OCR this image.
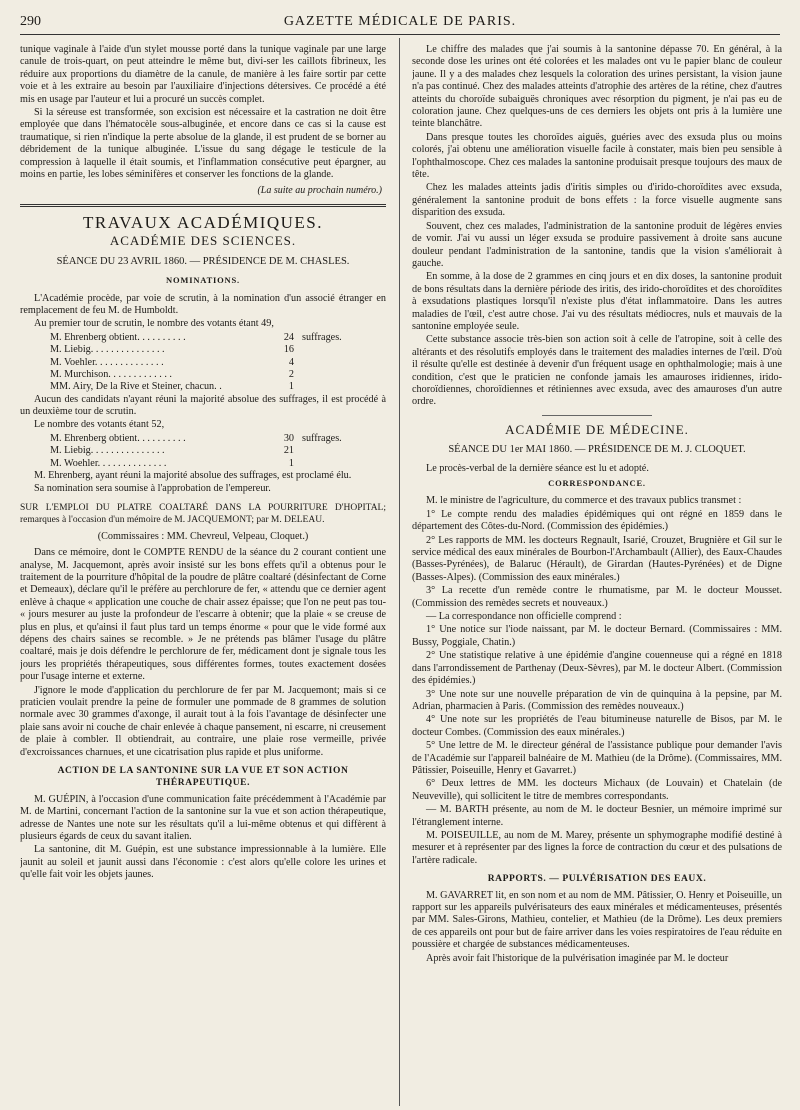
290	GAZETTE MÉDICALE DE PARIS.

tunique vaginale à l'aide d'un stylet mousse porté dans la tunique vaginale par une large canule de trois-quart, on peut atteindre le même but, divi-ser les caillots fibrineux, les réduire aux proportions du diamètre de la canule, de manière à les faire sortir par cette voie et à les extraire au besoin par l'auxiliaire d'injections détersives. Ce procédé a été mis en usage par l'auteur et lui a procuré un succès complet.

Si la séreuse est transformée, son excision est nécessaire et la castration ne doit être employée que dans l'hématocèle sous-albuginée, et encore dans ce cas si la cause est traumatique, si rien n'indique la perte absolue de la glande, il est prudent de se borner au débridement de la tunique albuginée. L'issue du sang dégage le testicule de la compression à laquelle il était soumis, et l'inflammation consécutive peut épargner, au moins en partie, les lobes séminifères et conserver les fonctions de la glande.

(La suite au prochain numéro.)
TRAVAUX ACADÉMIQUES.
ACADÉMIE DES SCIENCES.
SÉANCE DU 23 AVRIL 1860. — PRÉSIDENCE DE M. CHASLES.
NOMINATIONS.

L'Académie procède, par voie de scrutin, à la nomination d'un associé étranger en remplacement de feu M. de Humboldt.

Au premier tour de scrutin, le nombre des votants étant 49,

M. Ehrenberg obtient. . . . . . . . . .	24 suffrages.
M. Liebig. . . . . . . . . . . . . . .	16
M. Voehler. . . . . . . . . . . . . .	4
M. Murchison. . . . . . . . . . . . .	2
MM. Airy, De la Rive et Steiner, chacun. .	1

Aucun des candidats n'ayant réuni la majorité absolue des suffrages, il est procédé à un deuxième tour de scrutin.

Le nombre des votants étant 52,

M. Ehrenberg obtient. . . . . . . . . .	30 suffrages.
M. Liebig. . . . . . . . . . . . . . .	21
M. Woehler. . . . . . . . . . . . . .	1

M. Ehrenberg, ayant réuni la majorité absolue des suffrages, est proclamé élu.

Sa nomination sera soumise à l'approbation de l'empereur.

SUR L'EMPLOI DU PLATRE COALTARÉ DANS LA POURRITURE D'HOPITAL; remarques à l'occasion d'un mémoire de M. JACQUEMONT; par M. DELEAU.

(Commissaires : MM. Chevreul, Velpeau, Cloquet.)

Dans ce mémoire, dont le COMPTE RENDU de la séance du 2 courant contient une analyse, M. Jacquemont, après avoir insisté sur les bons effets qu'il a obtenus pour le traitement de la pourriture d'hôpital de la poudre de plâtre coaltaré (désinfectant de Corne et Demeaux), déclare qu'il le préfère au perchlorure de fer, « attendu que ce dernier agent enlève à chaque « application une couche de chair assez épaisse; que l'on ne peut pas tou- « jours mesurer au juste la profondeur de l'escarre à obtenir; que la plaie « se creuse de plus en plus, et qu'ainsi il faut plus tard un temps énorme « pour que le vide formé aux dépens des chairs saines se recomble. » Je ne prétends pas blâmer l'usage du plâtre coaltaré, mais je dois défendre le perchlorure de fer, médicament dont je signale tous les jours les propriétés thérapeutiques, sous différentes formes, toutes exactement dosées pour l'usage interne et externe.

J'ignore le mode d'application du perchlorure de fer par M. Jacquemont; mais si ce praticien voulait prendre la peine de formuler une pommade de 8 grammes de solution normale avec 30 grammes d'axonge, il aurait tout à la fois l'avantage de désinfecter une plaie sans avoir ni couche de chair enlevée à chaque pansement, ni escarre, ni creusement de plaie à combler. Il obtiendrait, au contraire, une plaie rose vermeille, privée d'excroissances charnues, et une cicatrisation plus rapide et plus uniforme.

ACTION DE LA SANTONINE SUR LA VUE ET SON ACTION THÉRAPEUTIQUE.

M. GUÉPIN, à l'occasion d'une communication faite précédemment à l'Académie par M. de Martini, concernant l'action de la santonine sur la vue et son action thérapeutique, adresse de Nantes une note sur les résultats qu'il a lui-même obtenus et qui diffèrent à plusieurs égards de ceux du savant italien.

La santonine, dit M. Guépin, est une substance impressionnable à la lumière. Elle jaunit au soleil et jaunit aussi dans l'économie : c'est alors qu'elle colore les urines et qu'elle fait voir les objets jaunes.

Le chiffre des malades que j'ai soumis à la santonine dépasse 70. En général, à la seconde dose les urines ont été colorées et les malades ont vu le papier blanc de couleur jaune. Il y a des malades chez lesquels la coloration des urines persistant, la vision jaune n'a pas continué. Chez des malades atteints d'atrophie des artères de la rétine, chez d'autres atteints du choroïde subaiguës chroniques avec résorption du pigment, je n'ai pas eu de coloration jaune. Chez quelques-uns de ces derniers les objets ont pris à la lumière une teinte blanchâtre.

Dans presque toutes les choroïdes aiguës, guéries avec des exsuda plus ou moins colorés, j'ai obtenu une amélioration visuelle facile à constater, mais bien peu sensible à l'ophthalmoscope. Chez ces malades la santonine produisait presque toujours des maux de tête.

Chez les malades atteints jadis d'iritis simples ou d'irido-choroïdites avec exsuda, généralement la santonine produit de bons effets : la force visuelle augmente sans disparition des exsuda.

Souvent, chez ces malades, l'administration de la santonine produit de légères envies de vomir. J'ai vu aussi un léger exsuda se produire passivement à droite sans aucune douleur pendant l'administration de la santonine, tandis que la vision s'améliorait à gauche.

En somme, à la dose de 2 grammes en cinq jours et en dix doses, la santonine produit de bons résultats dans la dernière période des iritis, des irido-choroïdites et des choroïdites à exsudations plastiques lorsqu'il n'existe plus d'état inflammatoire. Dans les autres maladies de l'œil, c'est autre chose. J'ai vu des résultats médiocres, nuls et mauvais de la santonine employée seule.

Cette substance associe très-bien son action soit à celle de l'atropine, soit à celle des altérants et des résolutifs employés dans le traitement des maladies internes de l'œil. D'où il résulte qu'elle est destinée à devenir d'un fréquent usage en ophthalmologie; mais à une condition, c'est que le praticien ne confonde jamais les amauroses iridiennes, irido-choroïdiennes, choroïdiennes et rétiniennes avec exsuda, avec des amauroses d'un autre ordre.

ACADÉMIE DE MÉDECINE.
SÉANCE DU 1er MAI 1860. — PRÉSIDENCE DE M. J. CLOQUET.

Le procès-verbal de la dernière séance est lu et adopté.

CORRESPONDANCE.

M. le ministre de l'agriculture, du commerce et des travaux publics transmet :

1° Le compte rendu des maladies épidémiques qui ont régné en 1859 dans le département des Côtes-du-Nord. (Commission des épidémies.)

2° Les rapports de MM. les docteurs Regnault, Isarié, Crouzet, Brugnière et Gil sur le service médical des eaux minérales de Bourbon-l'Archambault (Allier), des Eaux-Chaudes (Basses-Pyrénées), de Balaruc (Hérault), de Girardan (Hautes-Pyrénées) et de Digne (Basses-Alpes). (Commission des eaux minérales.)

3° La recette d'un remède contre le rhumatisme, par M. le docteur Mousset. (Commission des remèdes secrets et nouveaux.)

— La correspondance non officielle comprend :

1° Une notice sur l'iode naissant, par M. le docteur Bernard. (Commissaires : MM. Bussy, Poggiale, Chatin.)

2° Une statistique relative à une épidémie d'angine couenneuse qui a régné en 1818 dans l'arrondissement de Parthenay (Deux-Sèvres), par M. le docteur Albert. (Commission des épidémies.)

3° Une note sur une nouvelle préparation de vin de quinquina à la pepsine, par M. Adrian, pharmacien à Paris. (Commission des remèdes nouveaux.)

4° Une note sur les propriétés de l'eau bitumineuse naturelle de Bisos, par M. le docteur Combes. (Commission des eaux minérales.)

5° Une lettre de M. le directeur général de l'assistance publique pour demander l'avis de l'Académie sur l'appareil balnéaire de M. Mathieu (de la Drôme). (Commissaires, MM. Pâtissier, Poiseuille, Henry et Gavarret.)

6° Deux lettres de MM. les docteurs Michaux (de Louvain) et Chatelain (de Neuveville), qui sollicitent le titre de membres correspondants.

— M. BARTH présente, au nom de M. le docteur Besnier, un mémoire imprimé sur l'étranglement interne.

M. POISEUILLE, au nom de M. Marey, présente un sphymographe modifié destiné à mesurer et à représenter par des lignes la force de contraction du cœur et des pulsations de l'artère radicale.

RAPPORTS. — PULVÉRISATION DES EAUX.

M. GAVARRET lit, en son nom et au nom de MM. Pâtissier, O. Henry et Poiseuille, un rapport sur les appareils pulvérisateurs des eaux minérales et médicamenteuses, présentés par MM. Sales-Girons, Mathieu, contelier, et Mathieu (de la Drôme). Les deux premiers de ces appareils ont pour but de faire arriver dans les voies respiratoires de l'eau réduite en poussière et chargée de substances médicamenteuses.

Après avoir fait l'historique de la pulvérisation imaginée par M. le docteur
